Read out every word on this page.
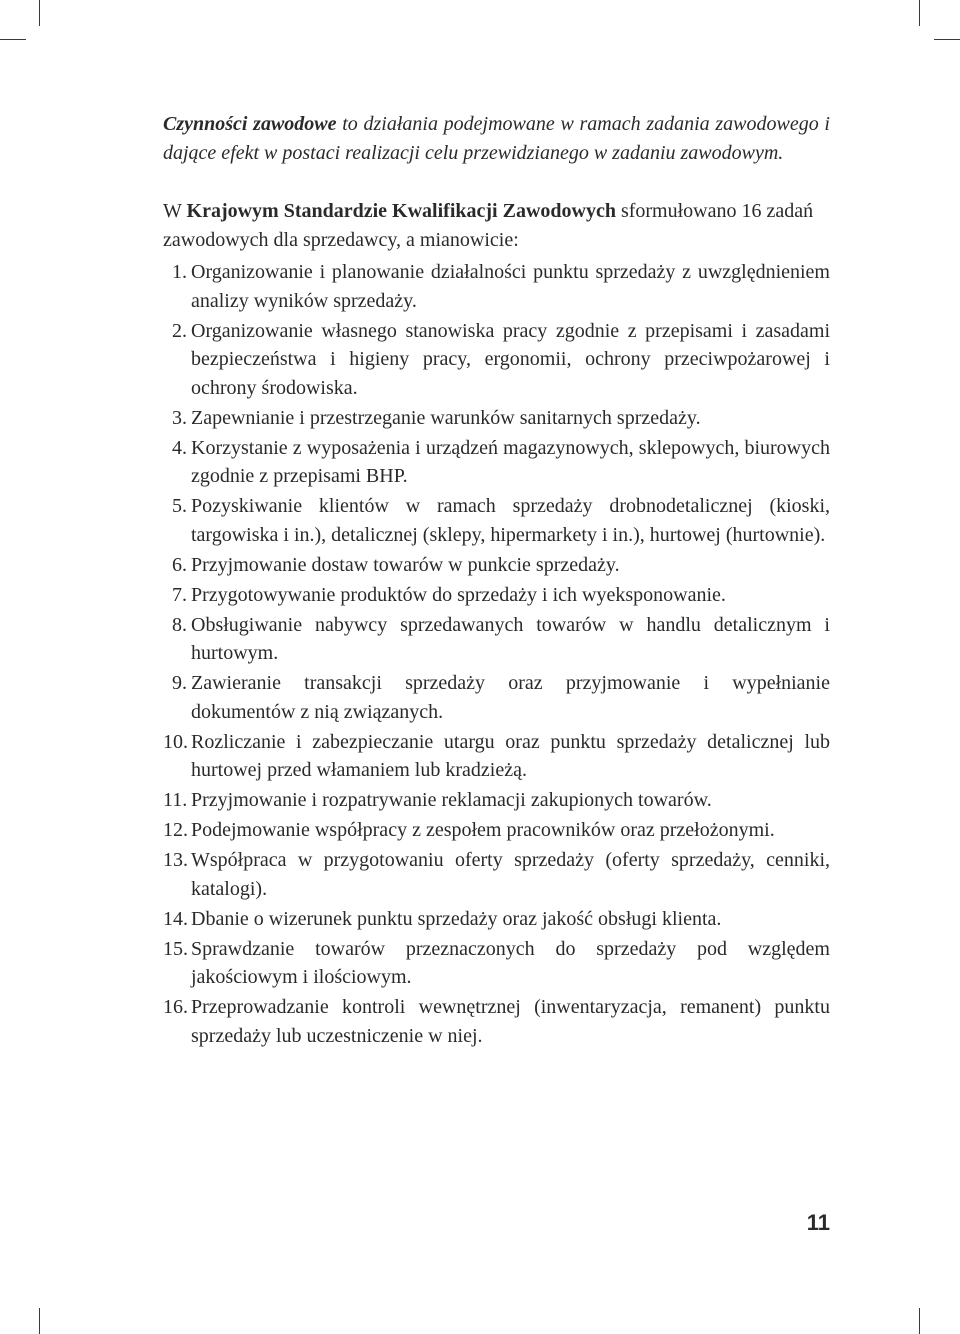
Czynności zawodowe to działania podejmowane w ramach zadania zawodowego i dające efekt w postaci realizacji celu przewidzianego w zadaniu zawodowym.

W Krajowym Standardzie Kwalifikacji Zawodowych sformułowano 16 zadań zawodowych dla sprzedawcy, a mianowicie:

1. Organizowanie i planowanie działalności punktu sprzedaży z uwzględnieniem analizy wyników sprzedaży.
2. Organizowanie własnego stanowiska pracy zgodnie z przepisami i zasadami bezpieczeństwa i higieny pracy, ergonomii, ochrony przeciwpożarowej i ochrony środowiska.
3. Zapewnianie i przestrzeganie warunków sanitarnych sprzedaży.
4. Korzystanie z wyposażenia i urządzeń magazynowych, sklepowych, biurowych zgodnie z przepisami BHP.
5. Pozyskiwanie klientów w ramach sprzedaży drobnodetalicznej (kioski, targowiska i in.), detalicznej (sklepy, hipermarkety i in.), hurtowej (hurtownie).
6. Przyjmowanie dostaw towarów w punkcie sprzedaży.
7. Przygotowywanie produktów do sprzedaży i ich wyeksponowanie.
8. Obsługiwanie nabywcy sprzedawanych towarów w handlu detalicznym i hurtowym.
9. Zawieranie transakcji sprzedaży oraz przyjmowanie i wypełnianie dokumentów z nią związanych.
10. Rozliczanie i zabezpieczanie utargu oraz punktu sprzedaży detalicznej lub hurtowej przed włamaniem lub kradzieżą.
11. Przyjmowanie i rozpatrywanie reklamacji zakupionych towarów.
12. Podejmowanie współpracy z zespołem pracowników oraz przełożonymi.
13. Współpraca w przygotowaniu oferty sprzedaży (oferty sprzedaży, cenniki, katalogi).
14. Dbanie o wizerunek punktu sprzedaży oraz jakość obsługi klienta.
15. Sprawdzanie towarów przeznaczonych do sprzedaży pod względem jakościowym i ilościowym.
16. Przeprowadzanie kontroli wewnętrznej (inwentaryzacja, remanent) punktu sprzedaży lub uczestniczenie w niej.
11
